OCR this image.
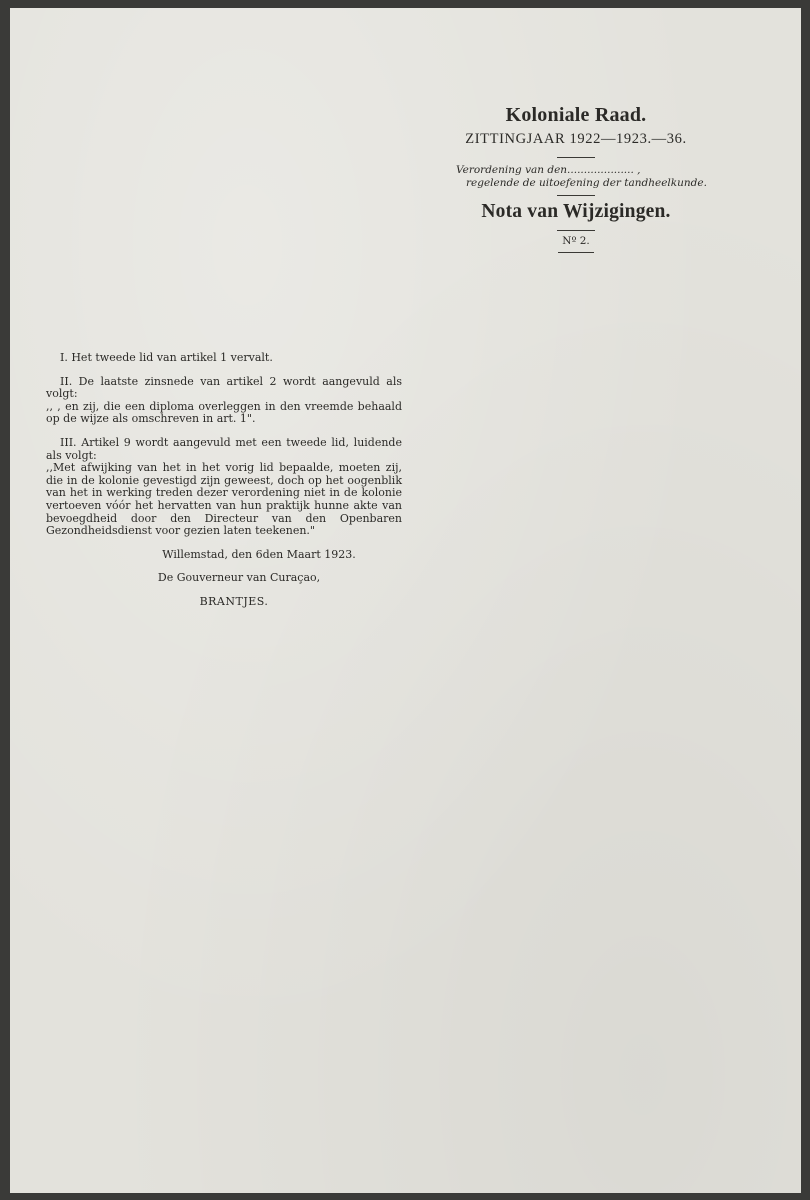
Koloniale Raad.

ZITTINGJAAR 1922—1923.—36.

Verordening van den.................... ,
regelende de uitoefening der tandheelkunde.

Nota van Wijzigingen.

Nº 2.

I. Het tweede lid van artikel 1 vervalt.

II. De laatste zinsnede van artikel 2 wordt aangevuld als volgt:
,, , en zij, die een diploma overleggen in den vreemde behaald op de wijze als omschreven in art. 1".

III. Artikel 9 wordt aangevuld met een tweede lid, luidende als volgt:
,,Met afwijking van het in het vorig lid bepaalde, moeten zij, die in de kolonie gevestigd zijn geweest, doch op het oogenblik van het in werking treden dezer verordening niet in de kolonie vertoeven vóór het hervatten van hun praktijk hunne akte van bevoegdheid door den Directeur van den Openbaren Gezondheidsdienst voor gezien laten teekenen."

Willemstad, den 6den Maart 1923.

De Gouverneur van Curaçao,

BRANTJES.
